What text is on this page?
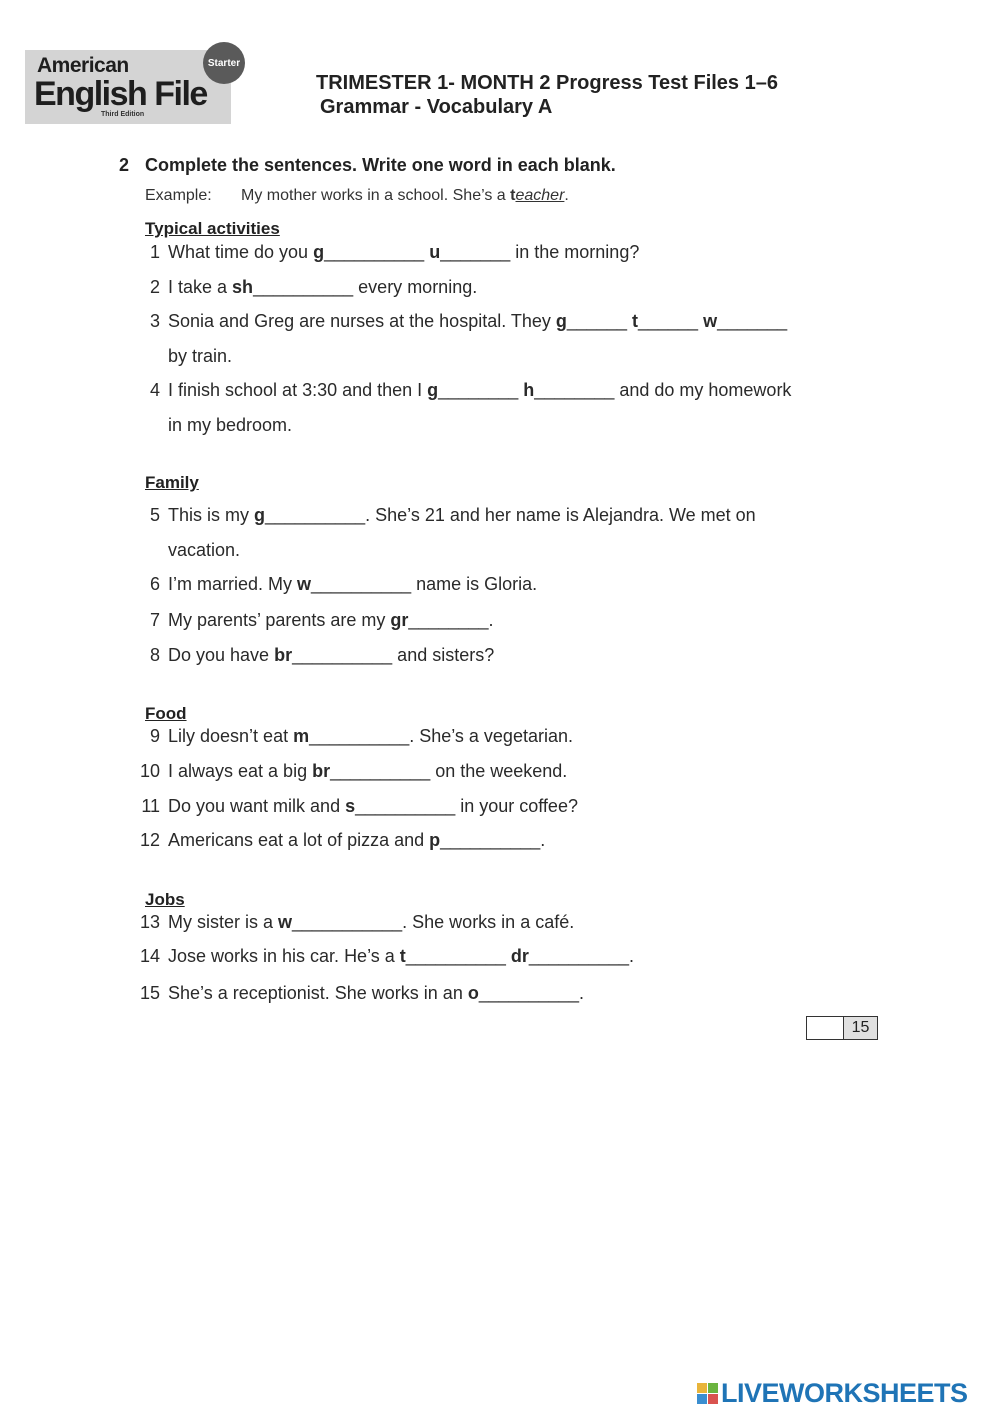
American
English File
Third Edition
Starter
TRIMESTER 1- MONTH 2 Progress Test Files 1–6
Grammar - Vocabulary A
2 Complete the sentences. Write one word in each blank.
Example: My mother works in a school. She’s a teacher.
Typical activities
1 What time do you g__________ u_______ in the morning?
2 I take a sh__________ every morning.
3 Sonia and Greg are nurses at the hospital. They g______ t______ w_______
by train.
4 I finish school at 3:30 and then I g________ h________ and do my homework
in my bedroom.
Family
5 This is my g__________. She’s 21 and her name is Alejandra. We met on
vacation.
6 I’m married. My w__________ name is Gloria.
7 My parents’ parents are my gr________.
8 Do you have br__________ and sisters?
Food
9 Lily doesn’t eat m__________. She’s a vegetarian.
10 I always eat a big br__________ on the weekend.
11 Do you want milk and s__________ in your coffee?
12 Americans eat a lot of pizza and p__________.
Jobs
13 My sister is a w___________. She works in a café.
14 Jose works in his car. He’s a t__________ dr__________.
15 She’s a receptionist. She works in an o__________.
15
LIVEWORKSHEETS
